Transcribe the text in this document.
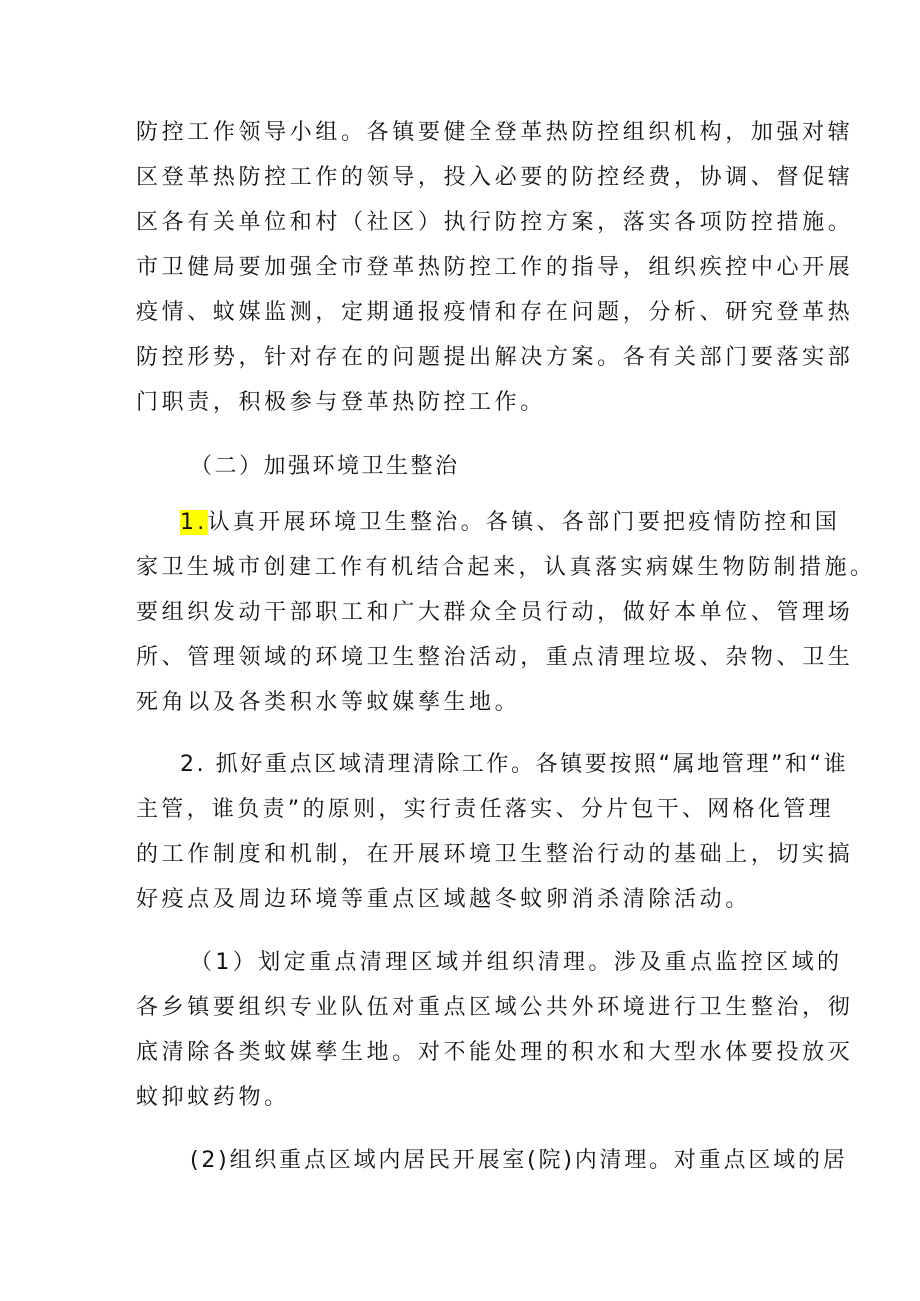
防控工作领导小组。各镇要健全登革热防控组织机构，加强对辖
区登革热防控工作的领导，投入必要的防控经费，协调、督促辖
区各有关单位和村（社区）执行防控方案，落实各项防控措施。
市卫健局要加强全市登革热防控工作的指导，组织疾控中心开展
疫情、蚊媒监测，定期通报疫情和存在问题，分析、研究登革热
防控形势，针对存在的问题提出解决方案。各有关部门要落实部
门职责，积极参与登革热防控工作。
（二）加强环境卫生整治
1.认真开展环境卫生整治。各镇、各部门要把疫情防控和国
家卫生城市创建工作有机结合起来，认真落实病媒生物防制措施。
要组织发动干部职工和广大群众全员行动，做好本单位、管理场
所、管理领域的环境卫生整治活动，重点清理垃圾、杂物、卫生
死角以及各类积水等蚊媒孳生地。
2. 抓好重点区域清理清除工作。各镇要按照“属地管理”和“谁
主管，谁负责”的原则，实行责任落实、分片包干、网格化管理
的工作制度和机制，在开展环境卫生整治行动的基础上，切实搞
好疫点及周边环境等重点区域越冬蚊卵消杀清除活动。
（1）划定重点清理区域并组织清理。涉及重点监控区域的
各乡镇要组织专业队伍对重点区域公共外环境进行卫生整治，彻
底清除各类蚊媒孳生地。对不能处理的积水和大型水体要投放灭
蚊抑蚊药物。
(2)组织重点区域内居民开展室(院)内清理。对重点区域的居
